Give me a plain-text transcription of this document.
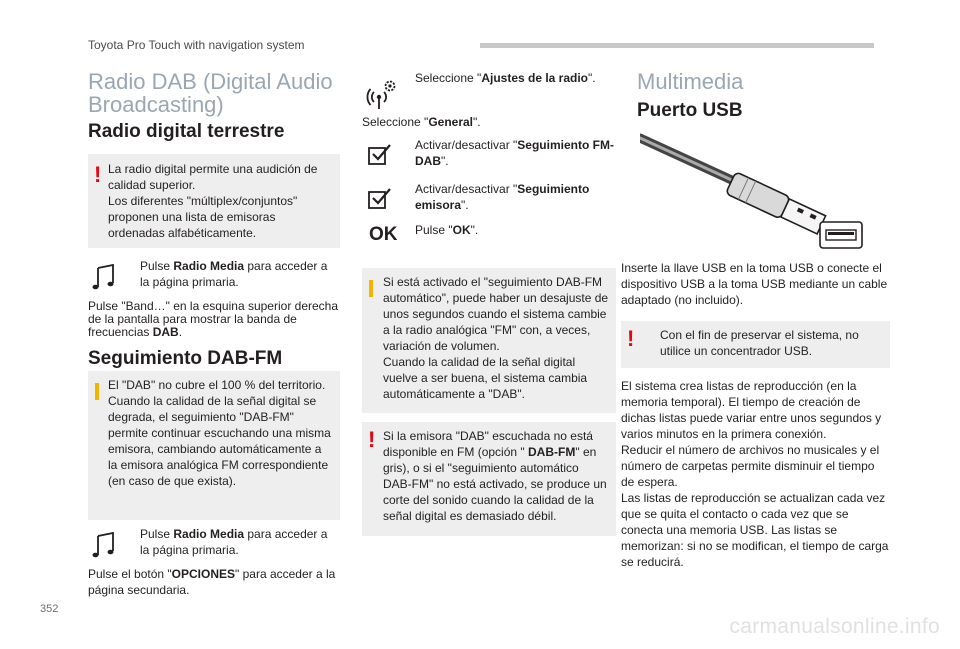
Toyota Pro Touch with navigation system
Radio DAB (Digital Audio Broadcasting)
Radio digital terrestre
! La radio digital permite una audición de calidad superior.
Los diferentes "múltiplex/conjuntos" proponen una lista de emisoras ordenadas alfabéticamente.
Pulse Radio Media para acceder a la página primaria.
Pulse "Band…" en la esquina superior derecha de la pantalla para mostrar la banda de frecuencias DAB.
Seguimiento DAB-FM
El "DAB" no cubre el 100 % del territorio.
Cuando la calidad de la señal digital se degrada, el seguimiento "DAB-FM" permite continuar escuchando una misma emisora, cambiando automáticamente a la emisora analógica FM correspondiente (en caso de que exista).
Pulse Radio Media para acceder a la página primaria.
Pulse el botón "OPCIONES" para acceder a la página secundaria.
Seleccione "Ajustes de la radio".
Seleccione "General".
Activar/desactivar "Seguimiento FM-DAB".
Activar/desactivar "Seguimiento emisora".
OK Pulse "OK".
Si está activado el "seguimiento DAB-FM automático", puede haber un desajuste de unos segundos cuando el sistema cambie a la radio analógica "FM" con, a veces, variación de volumen.
Cuando la calidad de la señal digital vuelve a ser buena, el sistema cambia automáticamente a "DAB".
! Si la emisora "DAB" escuchada no está disponible en FM (opción " DAB-FM" en gris), o si el "seguimiento automático DAB-FM" no está activado, se produce un corte del sonido cuando la calidad de la señal digital es demasiado débil.
Multimedia
Puerto USB
Inserte la llave USB en la toma USB o conecte el dispositivo USB a la toma USB mediante un cable adaptado (no incluido).
! Con el fin de preservar el sistema, no utilice un concentrador USB.
El sistema crea listas de reproducción (en la memoria temporal). El tiempo de creación de dichas listas puede variar entre unos segundos y varios minutos en la primera conexión.
Reducir el número de archivos no musicales y el número de carpetas permite disminuir el tiempo de espera.
Las listas de reproducción se actualizan cada vez que se quita el contacto o cada vez que se conecta una memoria USB. Las listas se memorizan: si no se modifican, el tiempo de carga se reducirá.
352
carmanualsonline.info
